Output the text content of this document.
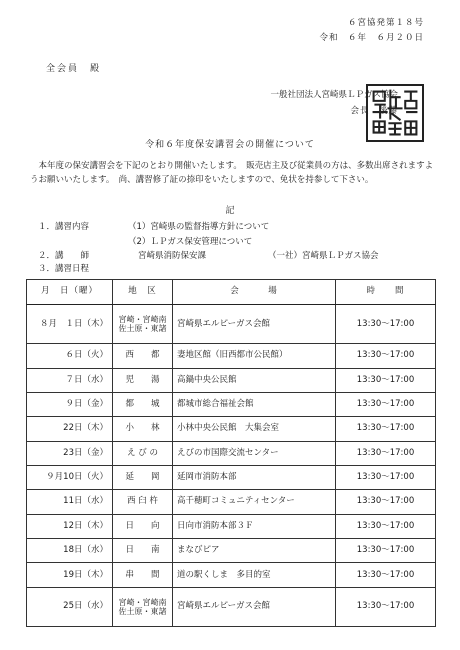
６宮協発第１８号
令和　６年　６月２０日
全会員　殿
一般社団法人宮崎県ＬＰガス協会
会長　後藤
令和６年度保安講習会の開催について
本年度の保安講習会を下記のとおり開催いたします。　販売店主及び従業員の方は、多数出席されますようお願いいたします。　尚、講習修了証の捺印をいたしますので、免状を持参して下さい。
記
１．講習内容	（1）宮崎県の監督指導方針について
（2）ＬＰガス保安管理について
２．講　　師	宮崎県消防保安課	（一社）宮崎県ＬＰガス協会
３．講習日程
月　日（曜）	地　区	会　　　場	時　　間
８月　１日（木）	宮崎・宮崎南
佐土原・東諸	宮崎県エルピーガス会館	13:30～17:00
６日（火）	西　　都	妻地区館（旧西都市公民館）	13:30～17:00
７日（水）	児　　湯	高鍋中央公民館	13:30～17:00
９日（金）	都　　城	都城市総合福祉会館	13:30～17:00
22日（木）	小　　林	小林中央公民館　大集会室	13:30～17:00
23日（金）	え び の	えびの市国際交流センター	13:30～17:00
９月10日（火）	延　　岡	延岡市消防本部	13:30～17:00
11日（水）	西 臼 杵	高千穂町コミュニティセンター	13:30～17:00
12日（木）	日　　向	日向市消防本部３Ｆ	13:30～17:00
18日（水）	日　　南	まなびピア	13:30～17:00
19日（木）	串　　間	道の駅くしま　多目的室	13:30～17:00
25日（水）	宮崎・宮崎南
佐土原・東諸	宮崎県エルピーガス会館	13:30～17:00
